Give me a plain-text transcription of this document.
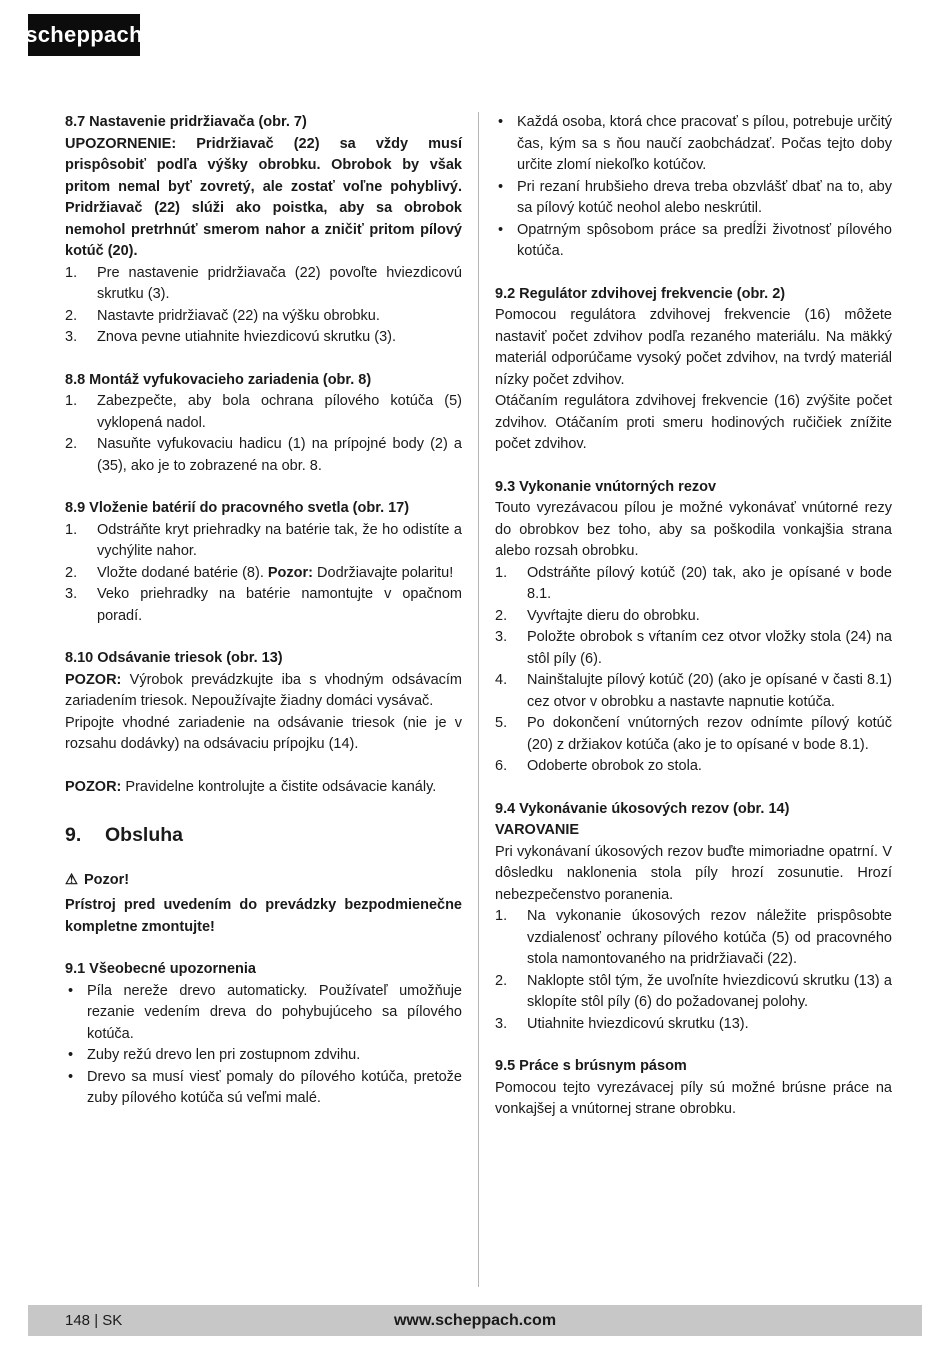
scheppach
8.7 Nastavenie pridržiavača (obr. 7)
UPOZORNENIE: Pridržiavač (22) sa vždy musí prispôsobiť podľa výšky obrobku. Obrobok by však pritom nemal byť zovretý, ale zostať voľne pohyblivý. Pridržiavač (22) slúži ako poistka, aby sa obrobok nemohol pretrhnúť smerom nahor a zničiť pritom pílový kotúč (20).
1.	Pre nastavenie pridržiavača (22) povoľte hviezdicovú skrutku (3).
2.	Nastavte pridržiavač (22) na výšku obrobku.
3.	Znova pevne utiahnite hviezdicovú skrutku (3).
8.8 Montáž vyfukovacieho zariadenia (obr. 8)
1.	Zabezpečte, aby bola ochrana pílového kotúča (5) vyklopená nadol.
2.	Nasuňte vyfukovaciu hadicu (1) na prípojné body (2) a (35), ako je to zobrazené na obr. 8.
8.9 Vloženie batérií do pracovného svetla (obr. 17)
1.	Odstráňte kryt priehradky na batérie tak, že ho odistíte a vychýlite nahor.
2.	Vložte dodané batérie (8). Pozor: Dodržiavajte polaritu!
3.	Veko priehradky na batérie namontujte v opačnom poradí.
8.10 Odsávanie triesok (obr. 13)
POZOR: Výrobok prevádzkujte iba s vhodným odsávacím zariadením triesok. Nepoužívajte žiadny domáci vysávač.
Pripojte vhodné zariadenie na odsávanie triesok (nie je v rozsahu dodávky) na odsávaciu prípojku (14).
POZOR: Pravidelne kontrolujte a čistite odsávacie kanály.
9. Obsluha
⚠ Pozor!
Prístroj pred uvedením do prevádzky bezpodmienečne kompletne zmontujte!
9.1 Všeobecné upozornenia
• Píla nereže drevo automaticky. Používateľ umožňuje rezanie vedením dreva do pohybujúceho sa pílového kotúča.
• Zuby režú drevo len pri zostupnom zdvihu.
• Drevo sa musí viesť pomaly do pílového kotúča, pretože zuby pílového kotúča sú veľmi malé.
• Každá osoba, ktorá chce pracovať s pílou, potrebuje určitý čas, kým sa s ňou naučí zaobchádzať. Počas tejto doby určite zlomí niekoľko kotúčov.
• Pri rezaní hrubšieho dreva treba obzvlášť dbať na to, aby sa pílový kotúč neohol alebo neskrútil.
• Opatrným spôsobom práce sa predĺži životnosť pílového kotúča.
9.2 Regulátor zdvihovej frekvencie (obr. 2)
Pomocou regulátora zdvihovej frekvencie (16) môžete nastaviť počet zdvihov podľa rezaného materiálu. Na mäkký materiál odporúčame vysoký počet zdvihov, na tvrdý materiál nízky počet zdvihov.
Otáčaním regulátora zdvihovej frekvencie (16) zvýšite počet zdvihov. Otáčaním proti smeru hodinových ručičiek znížite počet zdvihov.
9.3 Vykonanie vnútorných rezov
Touto vyrezávacou pílou je možné vykonávať vnútorné rezy do obrobkov bez toho, aby sa poškodila vonkajšia strana alebo rozsah obrobku.
1.	Odstráňte pílový kotúč (20) tak, ako je opísané v bode 8.1.
2.	Vyvŕtajte dieru do obrobku.
3.	Položte obrobok s vŕtaním cez otvor vložky stola (24) na stôl píly (6).
4.	Nainštalujte pílový kotúč (20) (ako je opísané v časti 8.1) cez otvor v obrobku a nastavte napnutie kotúča.
5.	Po dokončení vnútorných rezov odnímte pílový kotúč (20) z držiakov kotúča (ako je to opísané v bode 8.1).
6.	Odoberte obrobok zo stola.
9.4 Vykonávanie úkosových rezov (obr. 14)
VAROVANIE
Pri vykonávaní úkosových rezov buďte mimoriadne opatrní. V dôsledku naklonenia stola píly hrozí zosunutie. Hrozí nebezpečenstvo poranenia.
1.	Na vykonanie úkosových rezov náležite prispôsobte vzdialenosť ochrany pílového kotúča (5) od pracovného stola namontovaného na pridržiavači (22).
2.	Naklopte stôl tým, že uvoľníte hviezdicovú skrutku (13) a sklopíte stôl píly (6) do požadovanej polohy.
3.	Utiahnite hviezdicovú skrutku (13).
9.5 Práce s brúsnym pásom
Pomocou tejto vyrezávacej píly sú možné brúsne práce na vonkajšej a vnútornej strane obrobku.
148 | SK	www.scheppach.com
